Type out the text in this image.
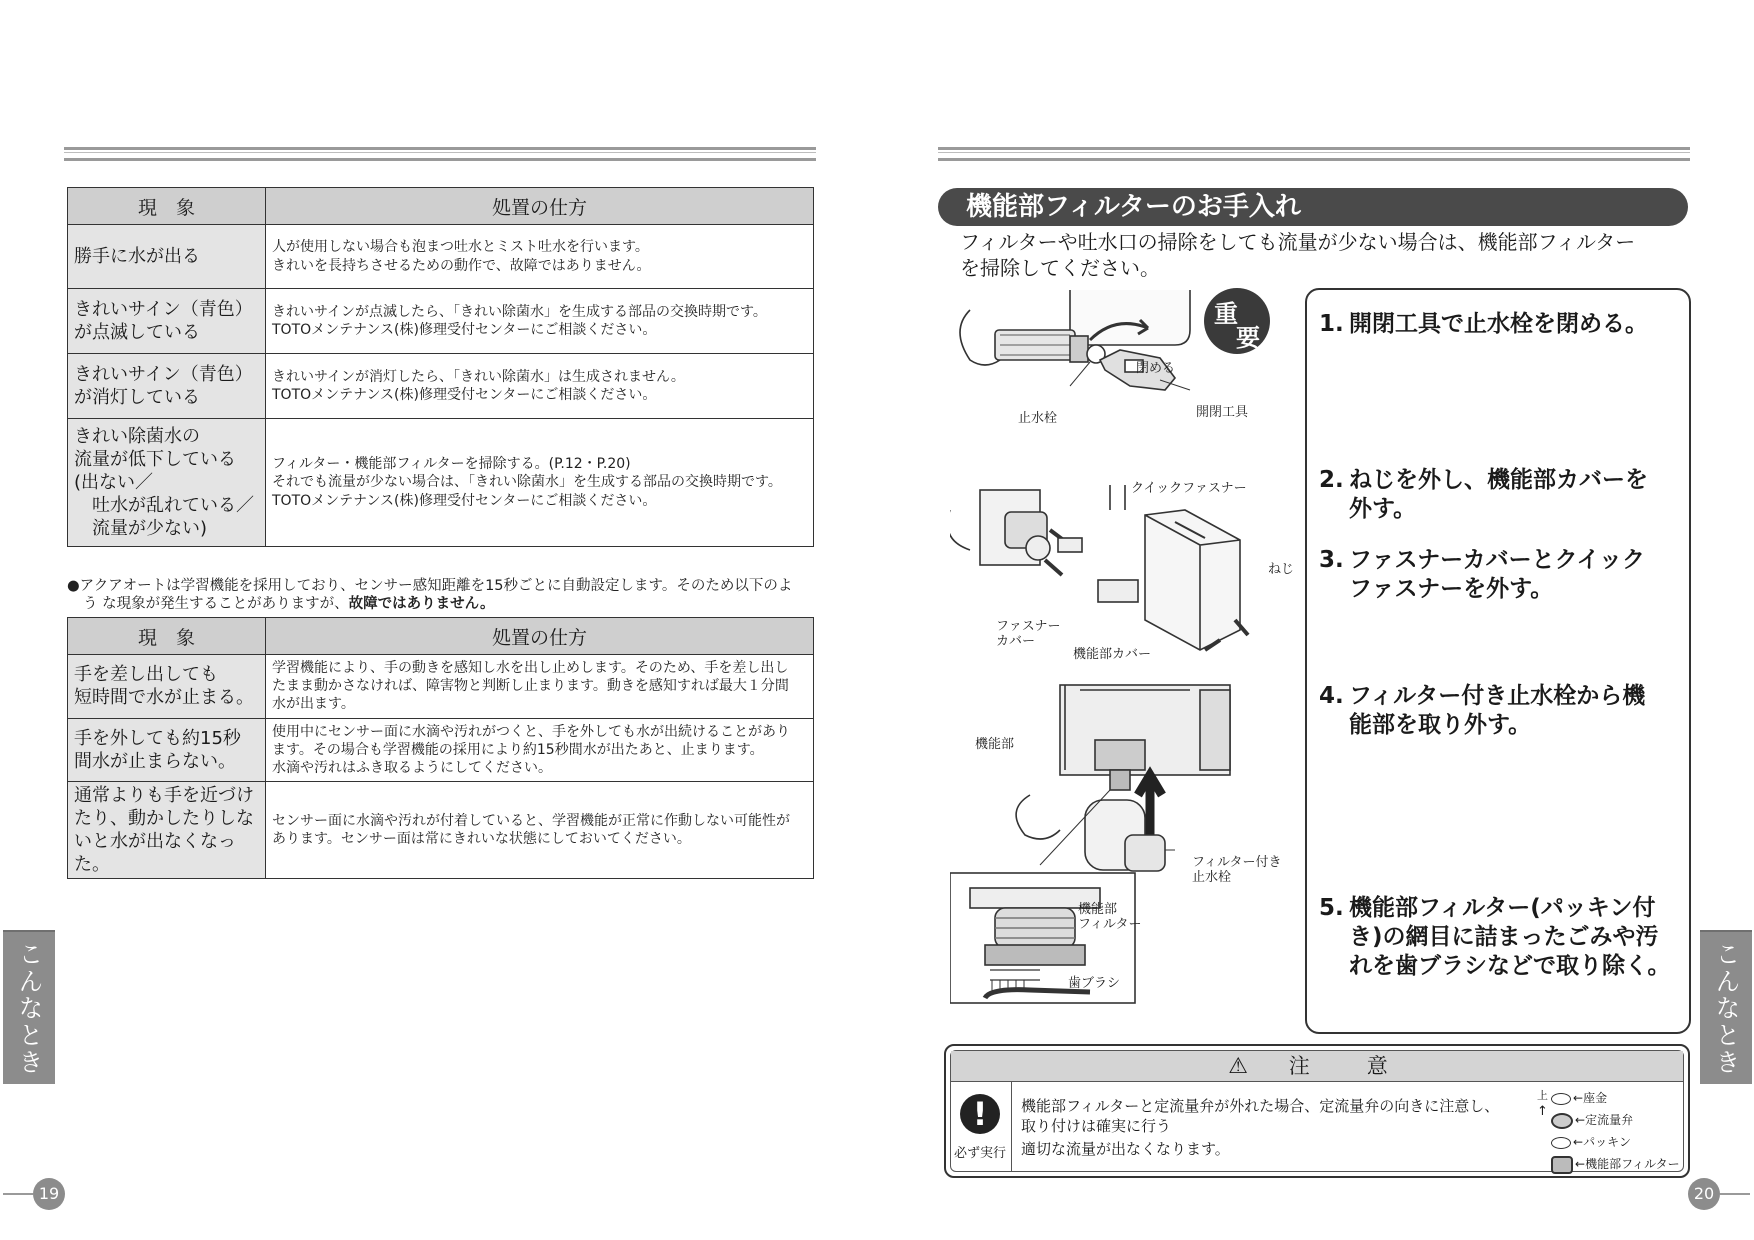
現　象	処置の仕方

勝手に水が出る	人が使用しない場合も泡まつ吐水とミスト吐水を行います。
きれいを長持ちさせるための動作で、故障ではありません。

きれいサイン（青色）
が点滅している	きれいサインが点滅したら、「きれい除菌水」を生成する部品の交換時期です。
TOTOメンテナンス(株)修理受付センターにご相談ください。

きれいサイン（青色）
が消灯している	きれいサインが消灯したら、「きれい除菌水」は生成されません。
TOTOメンテナンス(株)修理受付センターにご相談ください。

きれい除菌水の
流量が低下している
(出ない／
　吐水が乱れている／
　流量が少ない)	フィルター・機能部フィルターを掃除する。(P.12・P.20)
それでも流量が少ない場合は、「きれい除菌水」を生成する部品の交換時期です。
TOTOメンテナンス(株)修理受付センターにご相談ください。
●アクアオートは学習機能を採用しており、センサー感知距離を15秒ごとに自動設定します。そのため以下のよ
う な現象が発生することがありますが、故障ではありません。
現　象	処置の仕方

手を差し出しても
短時間で水が止まる。	学習機能により、手の動きを感知し水を出し止めします。そのため、手を差し出し
たまま動かさなければ、障害物と判断し止まります。動きを感知すれば最大１分間
水が出ます。

手を外しても約15秒
間水が止まらない。	使用中にセンサー面に水滴や汚れがつくと、手を外しても水が出続けることがあり
ます。その場合も学習機能の採用により約15秒間水が出たあと、止まります。
水滴や汚れはふき取るようにしてください。

通常よりも手を近づけ
たり、動かしたりしな
いと水が出なくなった。	センサー面に水滴や汚れが付着していると、学習機能が正常に作動しない可能性が
あります。センサー面は常にきれいな状態にしておいてください。
こんなとき
19
機能部フィルターのお手入れ
フィルターや吐水口の掃除をしても流量が少ない場合は、機能部フィルター
を掃除してください。
重
要
閉める
止水栓	開閉工具
クイックファスナー
ねじ
ファスナー
カバー
機能部カバー
機能部
フィルター付き
止水栓
機能部
フィルター
歯ブラシ
1. 開閉工具で止水栓を閉める。
2. ねじを外し、機能部カバーを
外す。
3. ファスナーカバーとクイック
ファスナーを外す。
4. フィルター付き止水栓から機
能部を取り外す。
5. 機能部フィルター(パッキン付
き)の網目に詰まったごみや汚
れを歯ブラシなどで取り除く。
⚠ 注　意
!
必ず実行
機能部フィルターと定流量弁が外れた場合、定流量弁の向きに注意し、
取り付けは確実に行う
適切な流量が出なくなります。
上
↑
←座金
←定流量弁
←パッキン
←機能部フィルター
こんなときは
20
